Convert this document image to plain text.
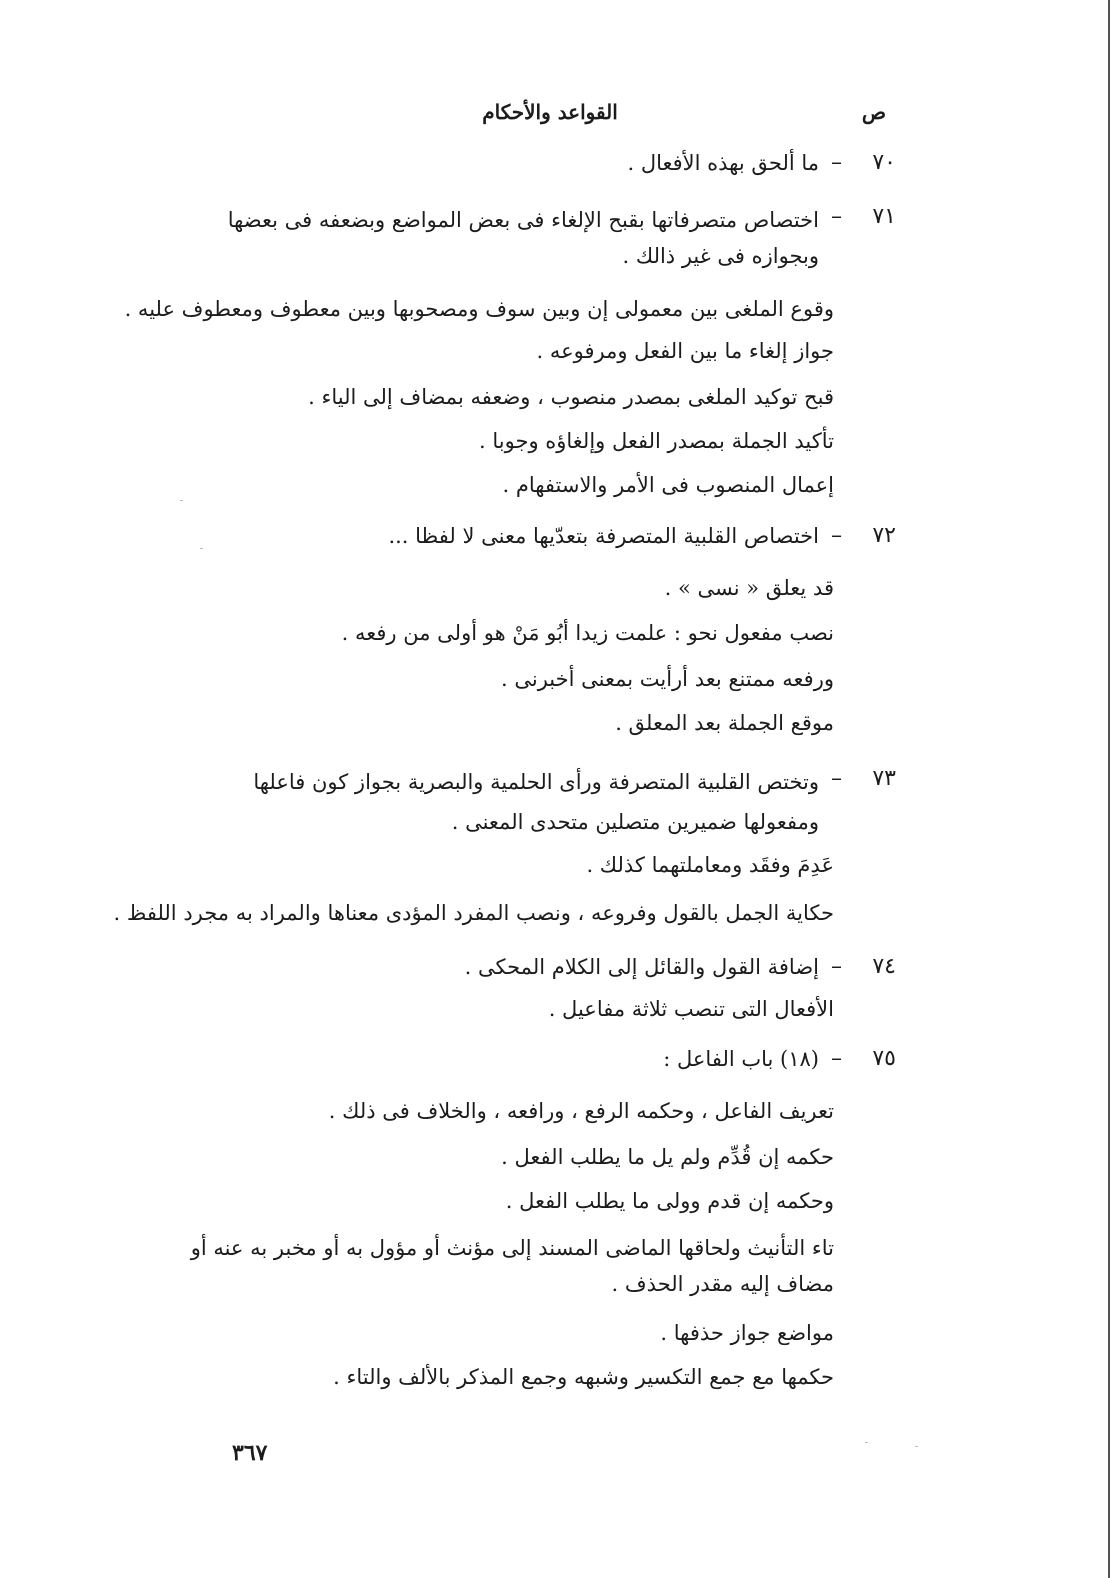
ص
القواعد والأحكام
٧٠
–
ما ألحق بهذه الأفعال .
٧١
–
اختصاص متصرفاتها بقبح الإلغاء فى بعض المواضع وبضعفه فى بعضها وبجوازه فى غير ذالك .
وقوع الملغى بين معمولى إن وبين سوف ومصحوبها وبين معطوف ومعطوف عليه .
جواز إلغاء ما بين الفعل ومرفوعه .
قبح توكيد الملغى بمصدر منصوب ، وضعفه بمضاف إلى الياء .
تأكيد الجملة بمصدر الفعل وإلغاؤه وجوبا .
إعمال المنصوب فى الأمر والاستفهام .
٧٢
–
اختصاص القلبية المتصرفة بتعدّيها معنى لا لفظا ...
قد يعلق « نسى » .
نصب مفعول نحو : علمت زيدا أبُو مَنْ هو أولى من رفعه .
ورفعه ممتنع بعد أرأيت بمعنى أخبرنى .
موقع الجملة بعد المعلق .
٧٣
–
وتختص القلبية المتصرفة ورأى الحلمية والبصرية بجواز كون فاعلها ومفعولها ضميرين متصلين متحدى المعنى .
عَدِمَ وفقَد ومعاملتهما كذلك .
حكاية الجمل بالقول وفروعه ، ونصب المفرد المؤدى معناها والمراد به مجرد اللفظ .
٧٤
–
إضافة القول والقائل إلى الكلام المحكى .
الأفعال التى تنصب ثلاثة مفاعيل .
٧٥
–
(١٨) باب الفاعل :
تعريف الفاعل ، وحكمه الرفع ، ورافعه ، والخلاف فى ذلك .
حكمه إن قُدِّم ولم يل ما يطلب الفعل .
وحكمه إن قدم وولى ما يطلب الفعل .
تاء التأنيث ولحاقها الماضى المسند إلى مؤنث أو مؤول به أو مخبر به عنه أو مضاف إليه مقدر الحذف .
مواضع جواز حذفها .
حكمها مع جمع التكسير وشبهه وجمع المذكر بالألف والتاء .
٣٦٧
